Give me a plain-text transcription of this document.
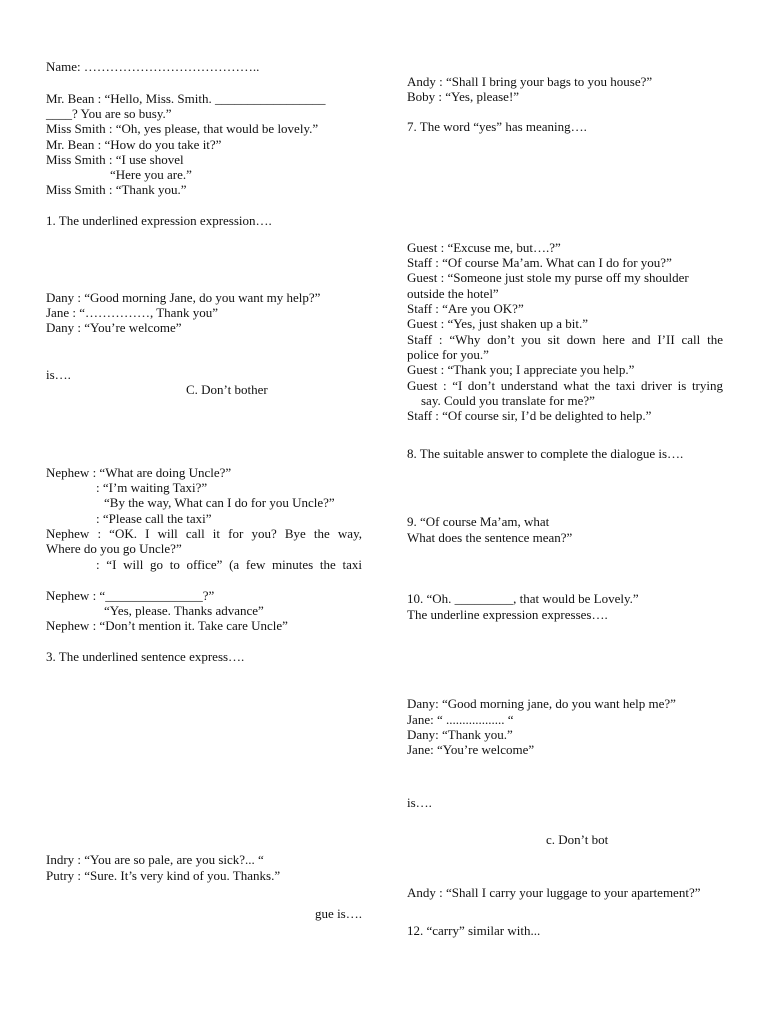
Name: …………………………………..
Mr. Bean : “Hello, Miss. Smith. _________________
____? You are so busy.”
Miss Smith : “Oh, yes please, that would be lovely.”
Mr. Bean : “How do you take it?”
Miss Smith : “I use shovel
“Here you are.”
Miss Smith : “Thank you.”
1. The underlined expression expression….
Dany : “Good morning Jane, do you want my help?”
Jane : “……………, Thank you”
Dany : “You’re welcome”
is….
C. Don’t bother
Nephew : “What are doing Uncle?”
: “I’m waiting Taxi?”
“By the way, What can I do for you Uncle?”
: “Please call the taxi”
Nephew : “OK. I will call it for you? Bye the way,
Where do you go Uncle?”
: “I will go to office” (a few minutes the taxi
Nephew : “_______________?”
“Yes, please. Thanks advance”
Nephew : “Don’t mention it. Take care Uncle”
3. The underlined sentence express….
Indry : “You are so pale, are you sick?... “
Putry : “Sure. It’s very kind of you. Thanks.”
gue is….
Andy : “Shall I bring your bags to you house?”
Boby : “Yes, please!”
7. The word “yes” has meaning….
Guest : “Excuse me, but….?”
Staff : “Of course Ma’am. What can I do for you?”
Guest : “Someone just stole my purse off my shoulder
outside the hotel”
Staff : “Are you OK?”
Guest : “Yes, just shaken up a bit.”
Staff : “Why don’t you sit down here and I’II call the
police for you.”
Guest : “Thank you; I appreciate you help.”
Guest : “I don’t understand what the taxi driver is trying
say. Could you translate for me?”
Staff : “Of course sir, I’d be delighted to help.”
8. The suitable answer to complete the dialogue is….
9. “Of course Ma’am, what
What does the sentence mean?”
10. “Oh. _________, that would be Lovely.”
The underline expression expresses….
Dany: “Good morning jane, do you want help me?”
Jane: “ .................. “
Dany: “Thank you.”
Jane: “You’re welcome”
is….
c. Don’t bot
Andy : “Shall I carry your luggage to your apartement?”
12. “carry” similar with...
